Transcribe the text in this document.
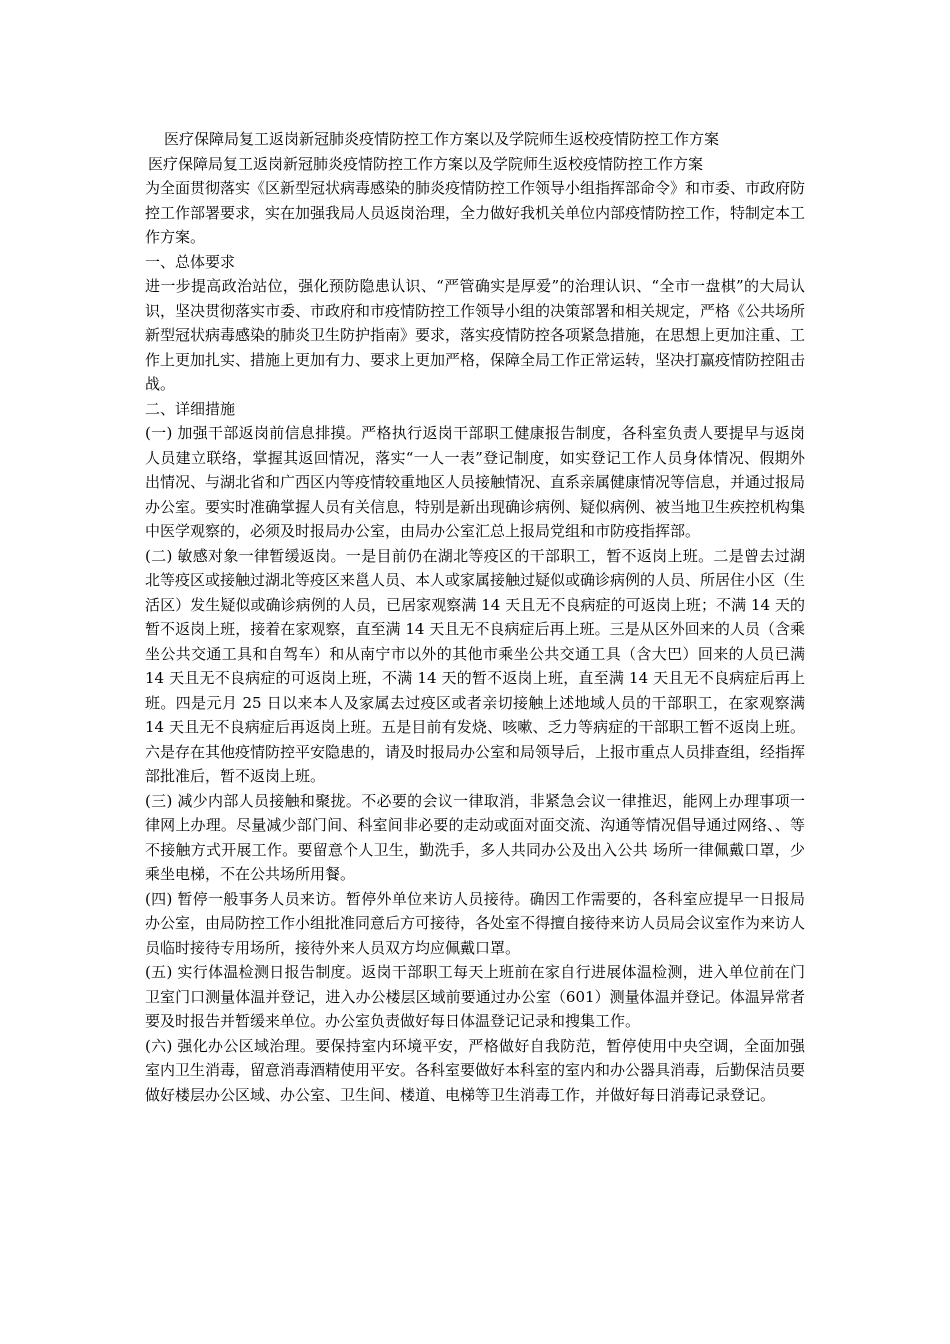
医疗保障局复工返岗新冠肺炎疫情防控工作方案以及学院师生返校疫情防控工作方案
医疗保障局复工返岗新冠肺炎疫情防控工作方案以及学院师生返校疫情防控工作方案

为全面贯彻落实《区新型冠状病毒感染的肺炎疫情防控工作领导小组指挥部命令》和市委、市政府防控工作部署要求，实在加强我局人员返岗治理，全力做好我机关单位内部疫情防控工作，特制定本工作方案。

一、总体要求

进一步提高政治站位，强化预防隐患认识、“严管确实是厚爱”的治理认识、“全市一盘棋”的大局认识，坚决贯彻落实市委、市政府和市疫情防控工作领导小组的决策部署和相关规定，严格《公共场所新型冠状病毒感染的肺炎卫生防护指南》要求，落实疫情防控各项紧急措施，在思想上更加注重、工作上更加扎实、措施上更加有力、要求上更加严格，保障全局工作正常运转，坚决打赢疫情防控阻击战。

二、详细措施

(一) 加强干部返岗前信息排摸。严格执行返岗干部职工健康报告制度，各科室负责人要提早与返岗人员建立联络，掌握其返回情况，落实“一人一表”登记制度，如实登记工作人员身体情况、假期外出情况、与湖北省和广西区内等疫情较重地区人员接触情况、直系亲属健康情况等信息，并通过报局办公室。要实时准确掌握人员有关信息，特别是新出现确诊病例、疑似病例、被当地卫生疾控机构集中医学观察的，必须及时报局办公室，由局办公室汇总上报局党组和市防疫指挥部。

(二) 敏感对象一律暂缓返岗。一是目前仍在湖北等疫区的干部职工，暂不返岗上班。二是曾去过湖北等疫区或接触过湖北等疫区来邕人员、本人或家属接触过疑似或确诊病例的人员、所居住小区（生活区）发生疑似或确诊病例的人员，已居家观察满 14 天且无不良病症的可返岗上班；不满 14 天的暂不返岗上班，接着在家观察，直至满 14 天且无不良病症后再上班。三是从区外回来的人员（含乘坐公共交通工具和自驾车）和从南宁市以外的其他市乘坐公共交通工具（含大巴）回来的人员已满 14 天且无不良病症的可返岗上班，不满 14 天的暂不返岗上班，直至满 14 天且无不良病症后再上班。四是元月 25 日以来本人及家属去过疫区或者亲切接触上述地域人员的干部职工，在家观察满 14 天且无不良病症后再返岗上班。五是目前有发烧、咳嗽、乏力等病症的干部职工暂不返岗上班。六是存在其他疫情防控平安隐患的，请及时报局办公室和局领导后，上报市重点人员排查组，经指挥部批准后，暂不返岗上班。

(三) 减少内部人员接触和聚拢。不必要的会议一律取消，非紧急会议一律推迟，能网上办理事项一律网上办理。尽量减少部门间、科室间非必要的走动或面对面交流、沟通等情况倡导通过网络、、等不接触方式开展工作。要留意个人卫生，勤洗手，多人共同办公及出入公共 场所一律佩戴口罩，少乘坐电梯，不在公共场所用餐。

(四) 暂停一般事务人员来访。暂停外单位来访人员接待。确因工作需要的，各科室应提早一日报局办公室，由局防控工作小组批准同意后方可接待，各处室不得擅自接待来访人员局会议室作为来访人员临时接待专用场所，接待外来人员双方均应佩戴口罩。

(五) 实行体温检测日报告制度。返岗干部职工每天上班前在家自行进展体温检测，进入单位前在门卫室门口测量体温并登记，进入办公楼层区域前要通过办公室（601）测量体温并登记。体温异常者要及时报告并暂缓来单位。办公室负责做好每日体温登记记录和搜集工作。

(六) 强化办公区域治理。要保持室内环境平安，严格做好自我防范，暂停使用中央空调，全面加强室内卫生消毒，留意消毒酒精使用平安。各科室要做好本科室的室内和办公器具消毒，后勤保洁员要做好楼层办公区域、办公室、卫生间、楼道、电梯等卫生消毒工作，并做好每日消毒记录登记。
